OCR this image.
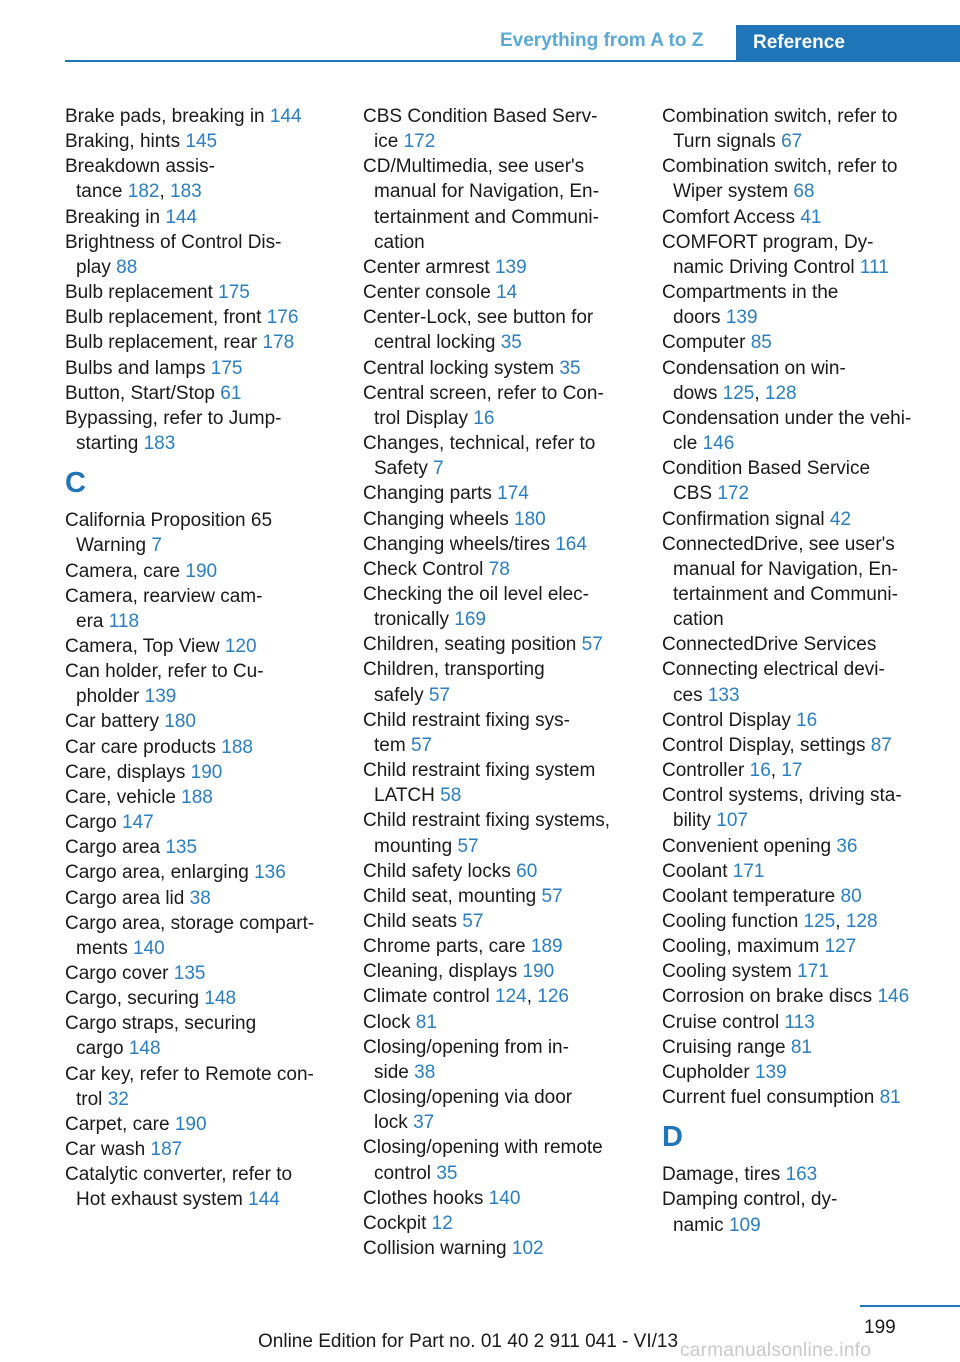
Everything from A to Z	Reference
Brake pads, breaking in 144
Braking, hints 145
Breakdown assis-
tance 182, 183
Breaking in 144
Brightness of Control Dis-
play 88
Bulb replacement 175
Bulb replacement, front 176
Bulb replacement, rear 178
Bulbs and lamps 175
Button, Start/Stop 61
Bypassing, refer to Jump-
starting 183
C
California Proposition 65
Warning 7
Camera, care 190
Camera, rearview cam-
era 118
Camera, Top View 120
Can holder, refer to Cu-
pholder 139
Car battery 180
Car care products 188
Care, displays 190
Care, vehicle 188
Cargo 147
Cargo area 135
Cargo area, enlarging 136
Cargo area lid 38
Cargo area, storage compart-
ments 140
Cargo cover 135
Cargo, securing 148
Cargo straps, securing
cargo 148
Car key, refer to Remote con-
trol 32
Carpet, care 190
Car wash 187
Catalytic converter, refer to
Hot exhaust system 144
CBS Condition Based Serv-
ice 172
CD/Multimedia, see user's
manual for Navigation, En-
tertainment and Communi-
cation
Center armrest 139
Center console 14
Center-Lock, see button for
central locking 35
Central locking system 35
Central screen, refer to Con-
trol Display 16
Changes, technical, refer to
Safety 7
Changing parts 174
Changing wheels 180
Changing wheels/tires 164
Check Control 78
Checking the oil level elec-
tronically 169
Children, seating position 57
Children, transporting
safely 57
Child restraint fixing sys-
tem 57
Child restraint fixing system
LATCH 58
Child restraint fixing systems,
mounting 57
Child safety locks 60
Child seat, mounting 57
Child seats 57
Chrome parts, care 189
Cleaning, displays 190
Climate control 124, 126
Clock 81
Closing/opening from in-
side 38
Closing/opening via door
lock 37
Closing/opening with remote
control 35
Clothes hooks 140
Cockpit 12
Collision warning 102
Combination switch, refer to
Turn signals 67
Combination switch, refer to
Wiper system 68
Comfort Access 41
COMFORT program, Dy-
namic Driving Control 111
Compartments in the
doors 139
Computer 85
Condensation on win-
dows 125, 128
Condensation under the vehi-
cle 146
Condition Based Service
CBS 172
Confirmation signal 42
ConnectedDrive, see user's
manual for Navigation, En-
tertainment and Communi-
cation
ConnectedDrive Services
Connecting electrical devi-
ces 133
Control Display 16
Control Display, settings 87
Controller 16, 17
Control systems, driving sta-
bility 107
Convenient opening 36
Coolant 171
Coolant temperature 80
Cooling function 125, 128
Cooling, maximum 127
Cooling system 171
Corrosion on brake discs 146
Cruise control 113
Cruising range 81
Cupholder 139
Current fuel consumption 81
D
Damage, tires 163
Damping control, dy-
namic 109
199
Online Edition for Part no. 01 40 2 911 041 - VI/13 carmanualsonline.info
